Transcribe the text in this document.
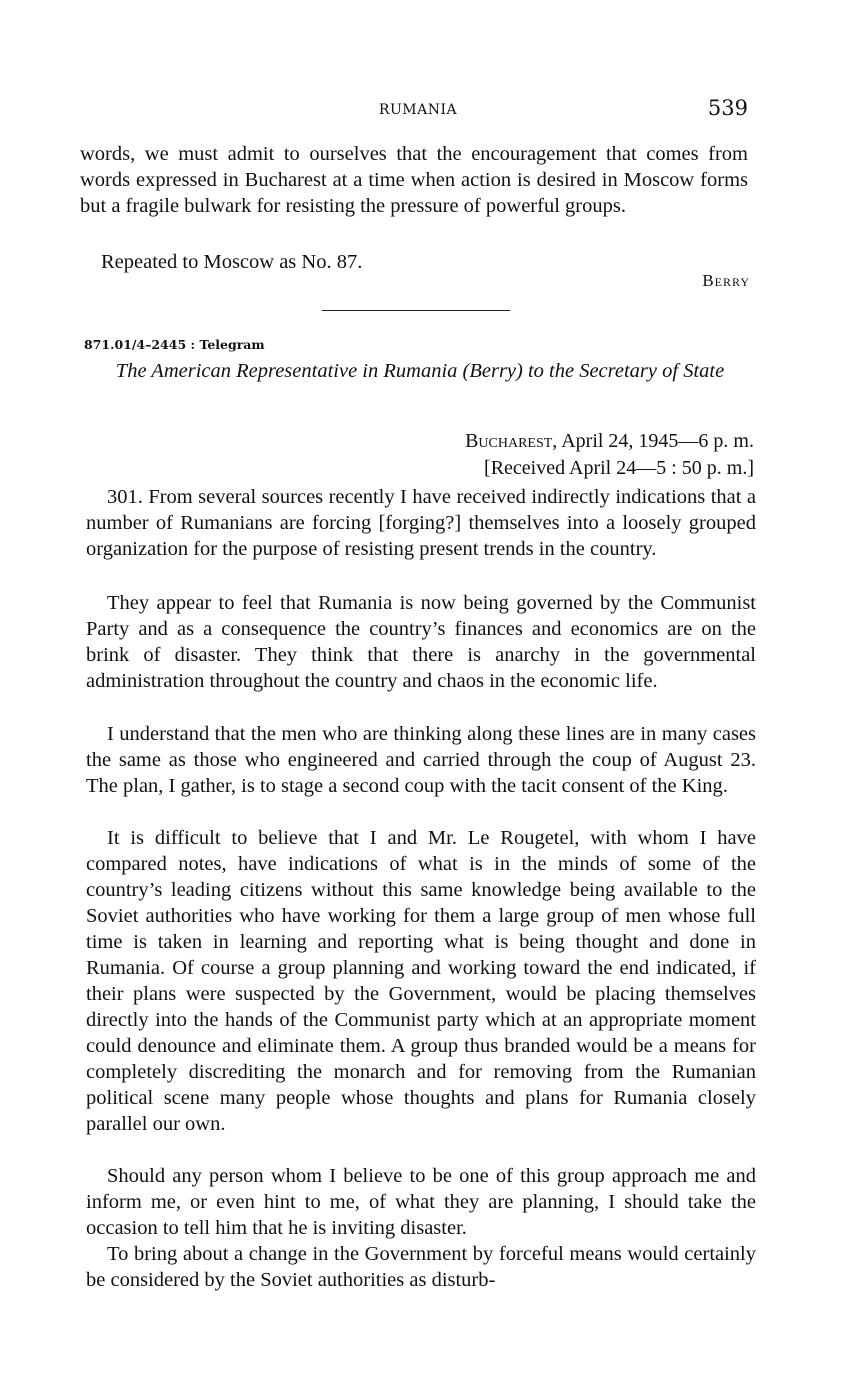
RUMANIA	539

words, we must admit to ourselves that the encouragement that comes from words expressed in Bucharest at a time when action is desired in Moscow forms but a fragile bulwark for resisting the pressure of powerful groups.

Repeated to Moscow as No. 87.

Berry
871.01/4–2445 : Telegram
The American Representative in Rumania (Berry) to the Secretary of State
Bucharest, April 24, 1945—6 p. m.
[Received April 24—5 : 50 p. m.]

301. From several sources recently I have received indirectly indications that a number of Rumanians are forcing [forging?] themselves into a loosely grouped organization for the purpose of resisting present trends in the country.

They appear to feel that Rumania is now being governed by the Communist Party and as a consequence the country’s finances and economics are on the brink of disaster. They think that there is anarchy in the governmental administration throughout the country and chaos in the economic life.

I understand that the men who are thinking along these lines are in many cases the same as those who engineered and carried through the coup of August 23. The plan, I gather, is to stage a second coup with the tacit consent of the King.

It is difficult to believe that I and Mr. Le Rougetel, with whom I have compared notes, have indications of what is in the minds of some of the country’s leading citizens without this same knowledge being available to the Soviet authorities who have working for them a large group of men whose full time is taken in learning and reporting what is being thought and done in Rumania. Of course a group planning and working toward the end indicated, if their plans were suspected by the Government, would be placing themselves directly into the hands of the Communist party which at an appropriate moment could denounce and eliminate them. A group thus branded would be a means for completely discrediting the monarch and for removing from the Rumanian political scene many people whose thoughts and plans for Rumania closely parallel our own.

Should any person whom I believe to be one of this group approach me and inform me, or even hint to me, of what they are planning, I should take the occasion to tell him that he is inviting disaster.

To bring about a change in the Government by forceful means would certainly be considered by the Soviet authorities as disturb-
